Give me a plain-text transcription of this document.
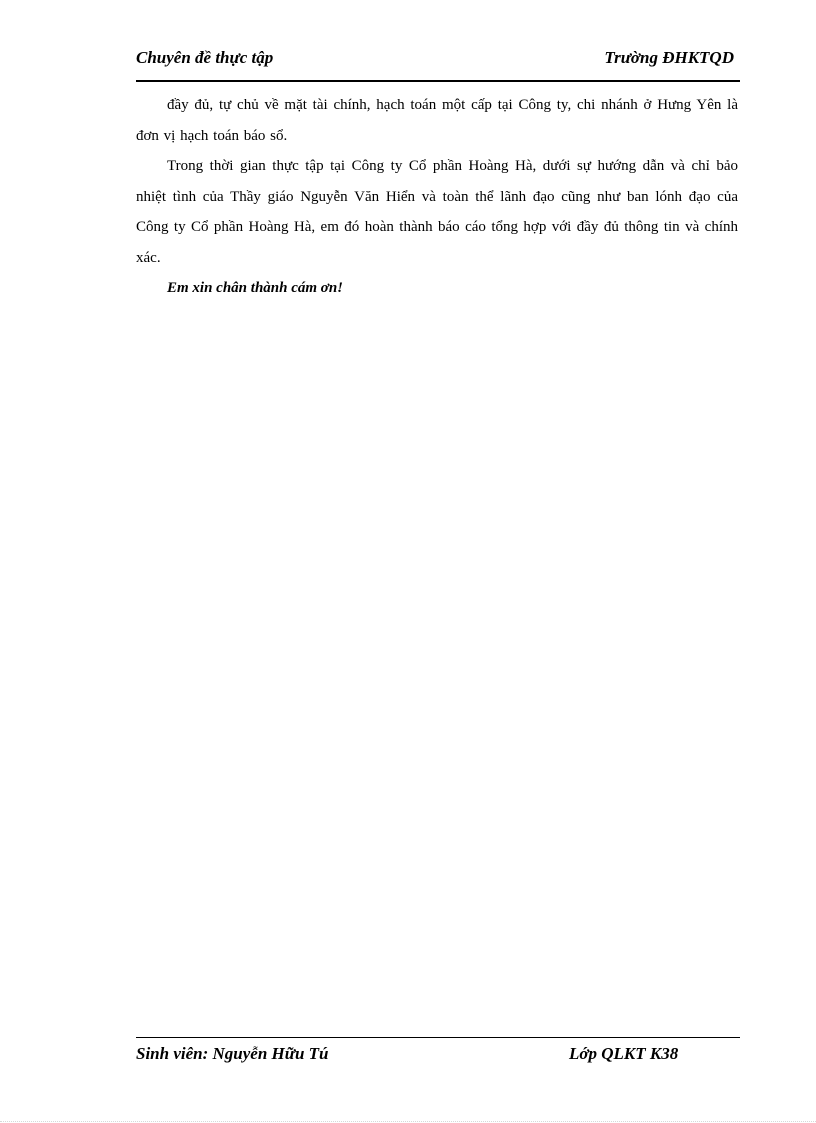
Chuyên đề thực tập	Trường ĐHKTQD

đầy đủ, tự chủ về mặt tài chính, hạch toán một cấp tại Công ty, chi nhánh ở Hưng Yên là đơn vị hạch toán báo sổ.

Trong thời gian thực tập tại Công ty Cổ phần Hoàng Hà, dưới sự hướng dẫn và chỉ bảo nhiệt tình của Thầy giáo Nguyễn Văn Hiển và toàn thể lãnh đạo cũng như ban lónh đạo của Công ty Cổ phần Hoàng Hà, em đó hoàn thành báo cáo tổng hợp với đầy đủ thông tin và chính xác.

Em xin chân thành cám ơn!

Sinh viên: Nguyễn Hữu Tú	Lớp QLKT K38
